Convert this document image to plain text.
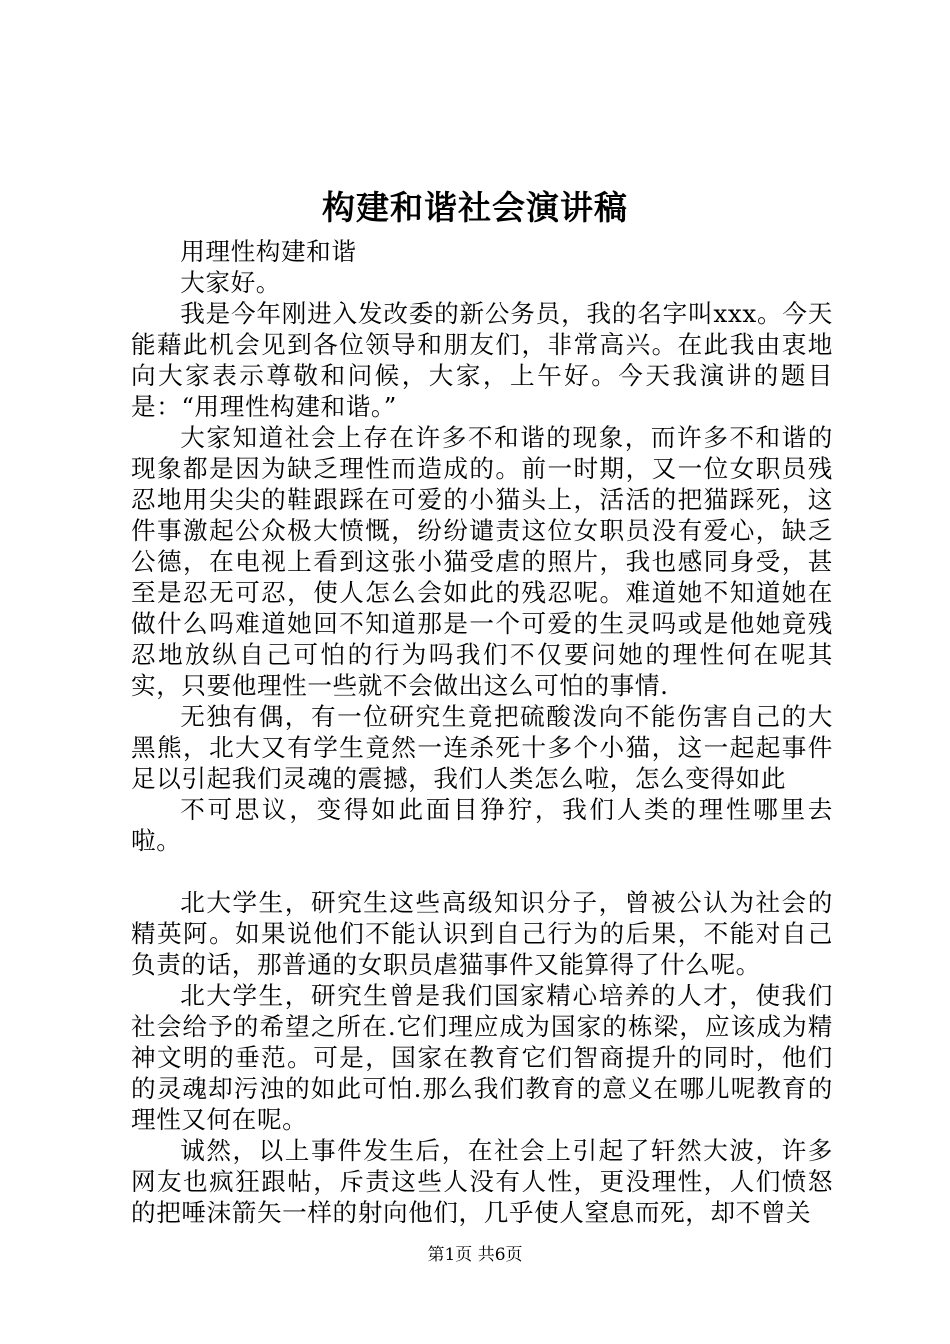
构建和谐社会演讲稿

用理性构建和谐

大家好。

我是今年刚进入发改委的新公务员，我的名字叫xxx。今天能藉此机会见到各位领导和朋友们，非常高兴。在此我由衷地向大家表示尊敬和问候，大家，上午好。今天我演讲的题目是：“用理性构建和谐。”

大家知道社会上存在许多不和谐的现象，而许多不和谐的现象都是因为缺乏理性而造成的。前一时期，又一位女职员残忍地用尖尖的鞋跟踩在可爱的小猫头上，活活的把猫踩死，这件事激起公众极大愤慨，纷纷谴责这位女职员没有爱心，缺乏公德，在电视上看到这张小猫受虐的照片，我也感同身受，甚至是忍无可忍，使人怎么会如此的残忍呢。难道她不知道她在做什么吗难道她回不知道那是一个可爱的生灵吗或是他她竟残忍地放纵自己可怕的行为吗我们不仅要问她的理性何在呢其实，只要他理性一些就不会做出这么可怕的事情.

无独有偶，有一位研究生竟把硫酸泼向不能伤害自己的大黑熊，北大又有学生竟然一连杀死十多个小猫，这一起起事件足以引起我们灵魂的震撼，我们人类怎么啦，怎么变得如此

不可思议，变得如此面目狰狞，我们人类的理性哪里去啦。

北大学生，研究生这些高级知识分子，曾被公认为社会的精英阿。如果说他们不能认识到自己行为的后果，不能对自己负责的话，那普通的女职员虐猫事件又能算得了什么呢。

北大学生，研究生曾是我们国家精心培养的人才，使我们社会给予的希望之所在.它们理应成为国家的栋梁，应该成为精神文明的垂范。可是，国家在教育它们智商提升的同时，他们的灵魂却污浊的如此可怕.那么我们教育的意义在哪儿呢教育的理性又何在呢。

诚然，以上事件发生后，在社会上引起了轩然大波，许多网友也疯狂跟帖，斥责这些人没有人性，更没理性，人们愤怒的把唾沫箭矢一样的射向他们，几乎使人窒息而死，却不曾关

第1页 共6页
